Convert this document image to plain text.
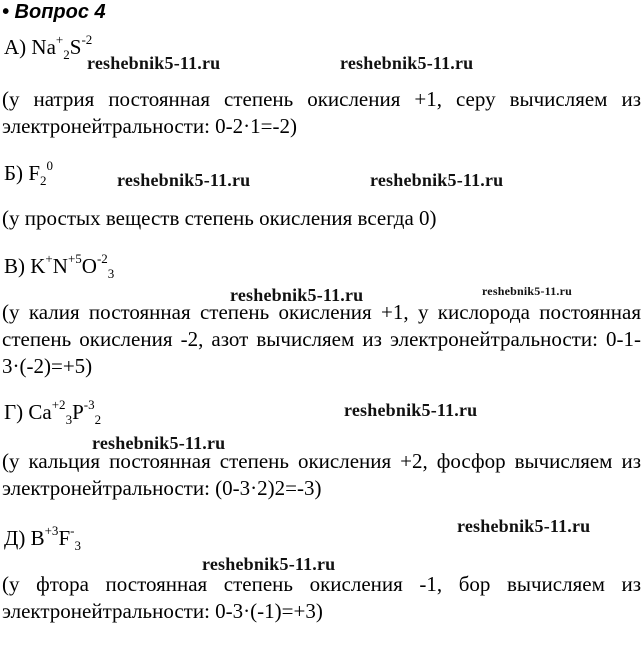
• Вопрос 4
А) $Na^+_2S^{-2}$
(у натрия постоянная степень окисления +1, серу вычисляем из электронейтральности: 0-2·1=-2)
Б) $F_2^0$
(у простых веществ степень окисления всегда 0)
В) $K^+N^{+5}O^{-2}_3$
(у калия постоянная степень окисления +1, у кислорода постоянная степень окисления -2, азот вычисляем из электронейтральности: 0-1-3·(-2)=+5)
Г) $Ca^{+2}_3P^{-3}_2$
(у кальция постоянная степень окисления +2, фосфор вычисляем из электронейтральности: (0-3·2)2=-3)
Д) $B^{+3}F^-_3$
(у фтора постоянная степень окисления -1, бор вычисляем из электронейтральности: 0-3·(-1)=+3)
reshebnik5-11.ru	reshebnik5-11.ru
reshebnik5-11.ru	reshebnik5-11.ru
reshebnik5-11.ru	reshebnik5-11.ru
reshebnik5-11.ru
reshebnik5-11.ru
reshebnik5-11.ru
reshebnik5-11.ru
